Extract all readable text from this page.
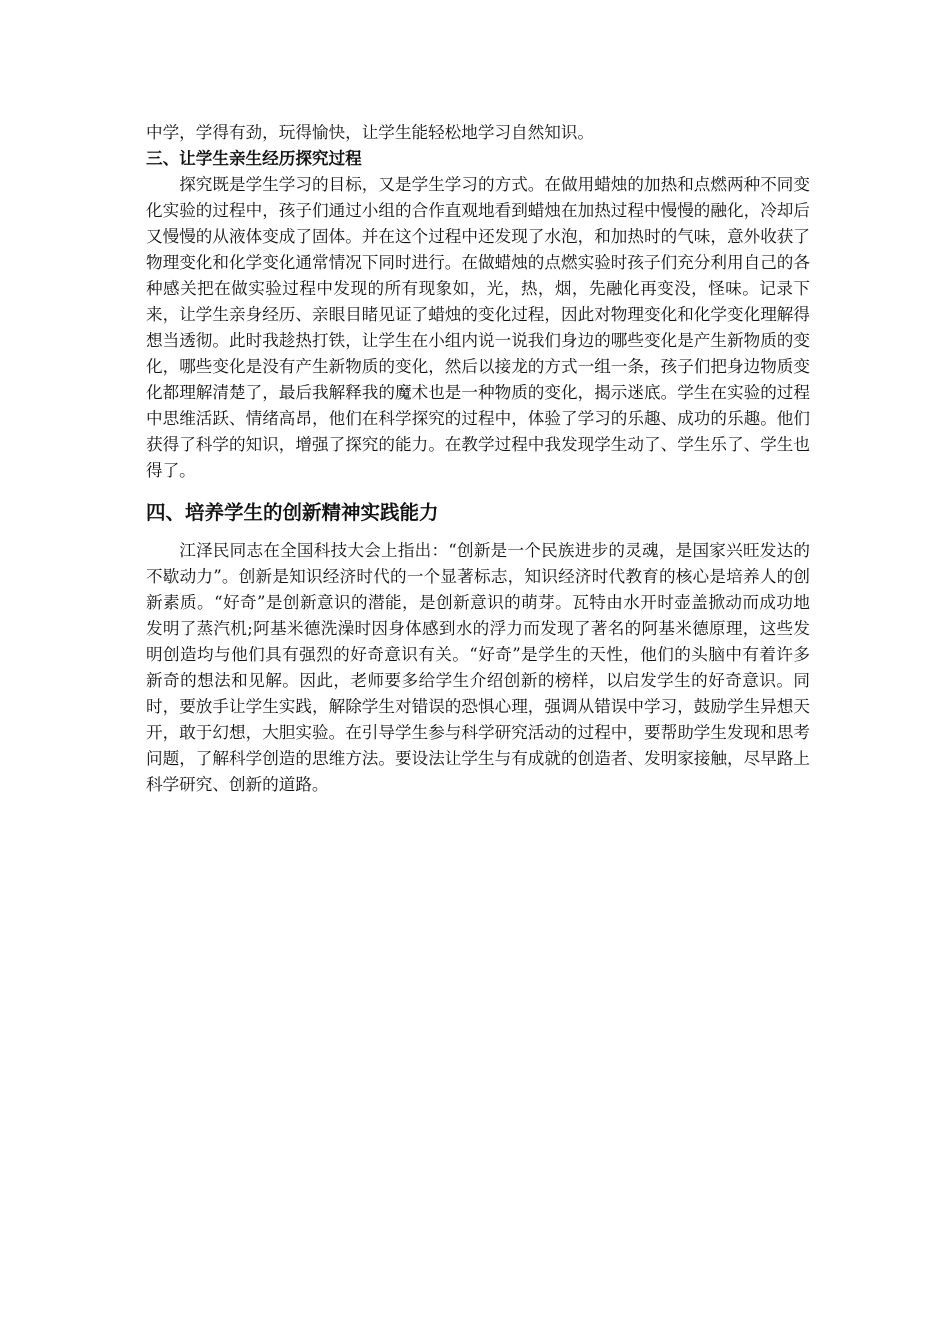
中学，学得有劲，玩得愉快，让学生能轻松地学习自然知识。

三、让学生亲生经历探究过程

探究既是学生学习的目标，又是学生学习的方式。在做用蜡烛的加热和点燃两种不同变化实验的过程中，孩子们通过小组的合作直观地看到蜡烛在加热过程中慢慢的融化，冷却后又慢慢的从液体变成了固体。并在这个过程中还发现了水泡，和加热时的气味，意外收获了物理变化和化学变化通常情况下同时进行。在做蜡烛的点燃实验时孩子们充分利用自己的各种感关把在做实验过程中发现的所有现象如，光，热，烟，先融化再变没，怪味。记录下来，让学生亲身经历、亲眼目睹见证了蜡烛的变化过程，因此对物理变化和化学变化理解得想当透彻。此时我趁热打铁，让学生在小组内说一说我们身边的哪些变化是产生新物质的变化，哪些变化是没有产生新物质的变化，然后以接龙的方式一组一条，孩子们把身边物质变化都理解清楚了，最后我解释我的魔术也是一种物质的变化，揭示迷底。学生在实验的过程中思维活跃、情绪高昂，他们在科学探究的过程中，体验了学习的乐趣、成功的乐趣。他们获得了科学的知识，增强了探究的能力。在教学过程中我发现学生动了、学生乐了、学生也得了。

四、培养学生的创新精神实践能力

江泽民同志在全国科技大会上指出：“创新是一个民族进步的灵魂，是国家兴旺发达的不歇动力”。创新是知识经济时代的一个显著标志，知识经济时代教育的核心是培养人的创新素质。“好奇”是创新意识的潜能，是创新意识的萌芽。瓦特由水开时壶盖掀动而成功地发明了蒸汽机;阿基米德洗澡时因身体感到水的浮力而发现了著名的阿基米德原理，这些发明创造均与他们具有强烈的好奇意识有关。“好奇”是学生的天性，他们的头脑中有着许多新奇的想法和见解。因此，老师要多给学生介绍创新的榜样，以启发学生的好奇意识。同时，要放手让学生实践，解除学生对错误的恐惧心理，强调从错误中学习，鼓励学生异想天开，敢于幻想，大胆实验。在引导学生参与科学研究活动的过程中，要帮助学生发现和思考问题，了解科学创造的思维方法。要设法让学生与有成就的创造者、发明家接触，尽早路上科学研究、创新的道路。
